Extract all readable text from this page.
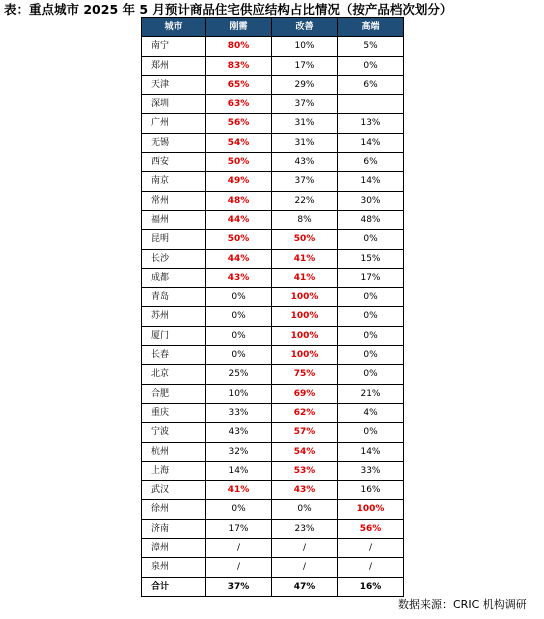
表：重点城市 2025 年 5 月预计商品住宅供应结构占比情况（按产品档次划分）
城市	刚需	改善	高端
南宁	80%	10%	5%
郑州	83%	17%	0%
天津	65%	29%	6%
深圳	63%	37%	
广州	56%	31%	13%
无锡	54%	31%	14%
西安	50%	43%	6%
南京	49%	37%	14%
常州	48%	22%	30%
福州	44%	8%	48%
昆明	50%	50%	0%
长沙	44%	41%	15%
成都	43%	41%	17%
青岛	0%	100%	0%
苏州	0%	100%	0%
厦门	0%	100%	0%
长春	0%	100%	0%
北京	25%	75%	0%
合肥	10%	69%	21%
重庆	33%	62%	4%
宁波	43%	57%	0%
杭州	32%	54%	14%
上海	14%	53%	33%
武汉	41%	43%	16%
徐州	0%	0%	100%
济南	17%	23%	56%
漳州	/	/	/
泉州	/	/	/
合计	37%	47%	16%
数据来源：CRIC 机构调研
